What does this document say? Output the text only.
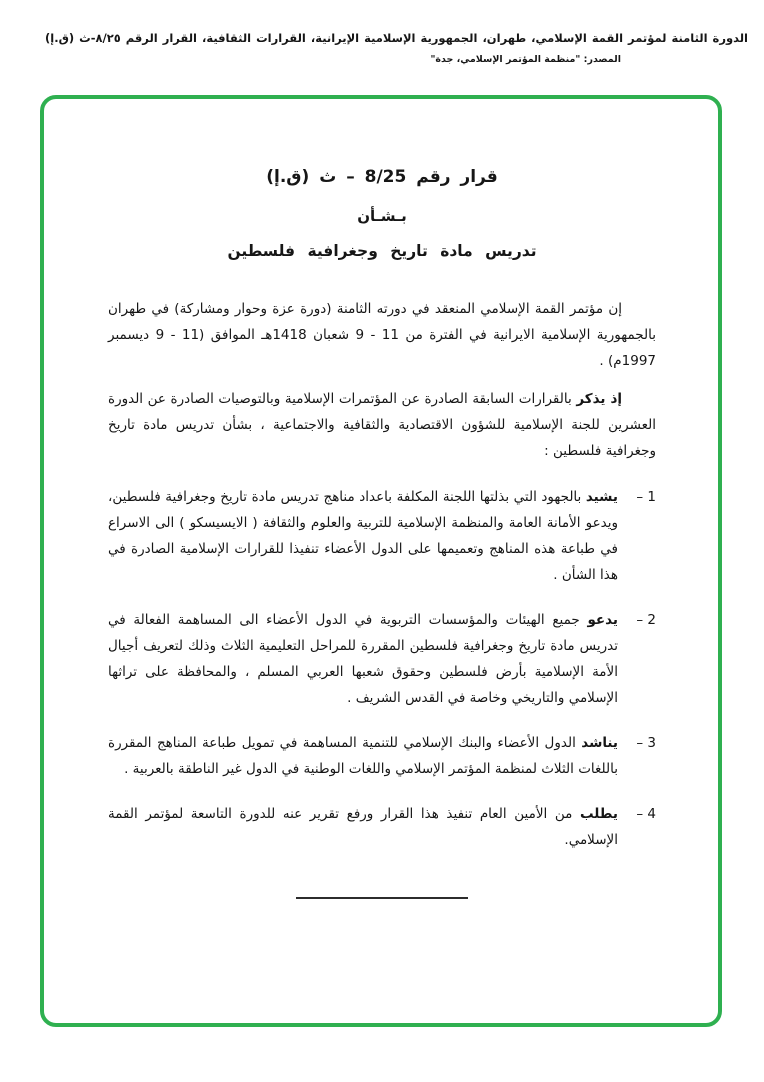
الدورة الثامنة لمؤتمر القمة الإسلامي، طهران، الجمهورية الإسلامية الإيرانية، القرارات الثقافية، القرار الرقم ٨/٢٥-ث (ق.إ)
المصدر: "منظمة المؤتمر الإسلامي، جدة"
قرار رقم 8/25 – ث (ق.إ)
بـشـأن
تدريس مادة تاريخ وجغرافية فلسطين

إن مؤتمر القمة الإسلامي المنعقد في دورته الثامنة (دورة عزة وحوار ومشاركة) في طهران بالجمهورية الإسلامية الايرانية في الفترة من ⁦9 - 11⁩ شعبان 1418هـ الموافق (⁦9 - 11⁩ ديسمبر 1997م) .

إذ يذكر بالقرارات السابقة الصادرة عن المؤتمرات الإسلامية وبالتوصيات الصادرة عن الدورة العشرين للجنة الإسلامية للشؤون الاقتصادية والثقافية والاجتماعية ، بشأن تدريس مادة تاريخ وجغرافية فلسطين :

1 –
يشيد بالجهود التي بذلتها اللجنة المكلفة باعداد مناهج تدريس مادة تاريخ وجغرافية فلسطين، ويدعو الأمانة العامة والمنظمة الإسلامية للتربية والعلوم والثقافة ( الايسيسكو ) الى الاسراع في طباعة هذه المناهج وتعميمها على الدول الأعضاء تنفيذا للقرارات الإسلامية الصادرة في هذا الشأن .
2 –
يدعو جميع الهيئات والمؤسسات التربوية في الدول الأعضاء الى المساهمة الفعالة في تدريس مادة تاريخ وجغرافية فلسطين المقررة للمراحل التعليمية الثلاث وذلك لتعريف أجيال الأمة الإسلامية بأرض فلسطين وحقوق شعبها العربي المسلم ، والمحافظة على تراثها الإسلامي والتاريخي وخاصة في القدس الشريف .
3 –
يناشد الدول الأعضاء والبنك الإسلامي للتنمية المساهمة في تمويل طباعة المناهج المقررة باللغات الثلاث لمنظمة المؤتمر الإسلامي واللغات الوطنية في الدول غير الناطقة بالعربية .
4 –
يطلب من الأمين العام تنفيذ هذا القرار ورفع تقرير عنه للدورة التاسعة لمؤتمر القمة الإسلامي.
